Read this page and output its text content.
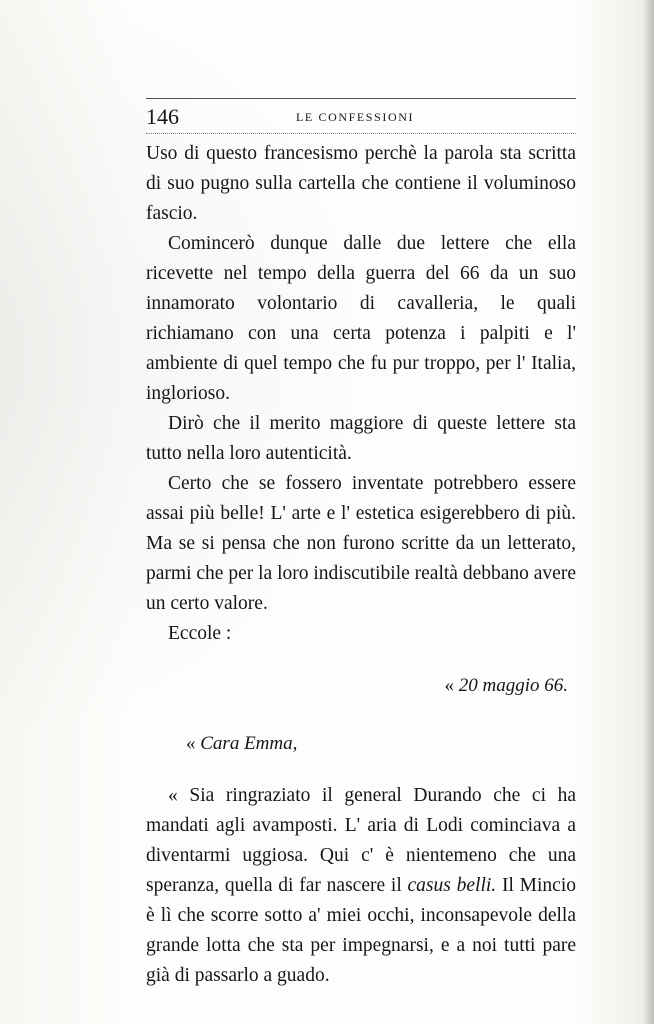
146	LE CONFESSIONI

Uso di questo francesismo perchè la parola sta scritta di suo pugno sulla cartella che contiene il voluminoso fascio.

Comincerò dunque dalle due lettere che ella ricevette nel tempo della guerra del 66 da un suo innamorato volontario di cavalleria, le quali richiamano con una certa potenza i palpiti e l' ambiente di quel tempo che fu pur troppo, per l' Italia, inglorioso.

Dirò che il merito maggiore di queste lettere sta tutto nella loro autenticità.

Certo che se fossero inventate potrebbero essere assai più belle! L' arte e l' estetica esigerebbero di più. Ma se si pensa che non furono scritte da un letterato, parmi che per la loro indiscutibile realtà debbano avere un certo valore.

Eccole :

« 20 maggio 66.

« Cara Emma,

« Sia ringraziato il general Durando che ci ha mandati agli avamposti. L' aria di Lodi cominciava a diventarmi uggiosa. Qui c' è nientemeno che una speranza, quella di far nascere il casus belli. Il Mincio è lì che scorre sotto a' miei occhi, inconsapevole della grande lotta che sta per impegnarsi, e a noi tutti pare già di passarlo a guado.
